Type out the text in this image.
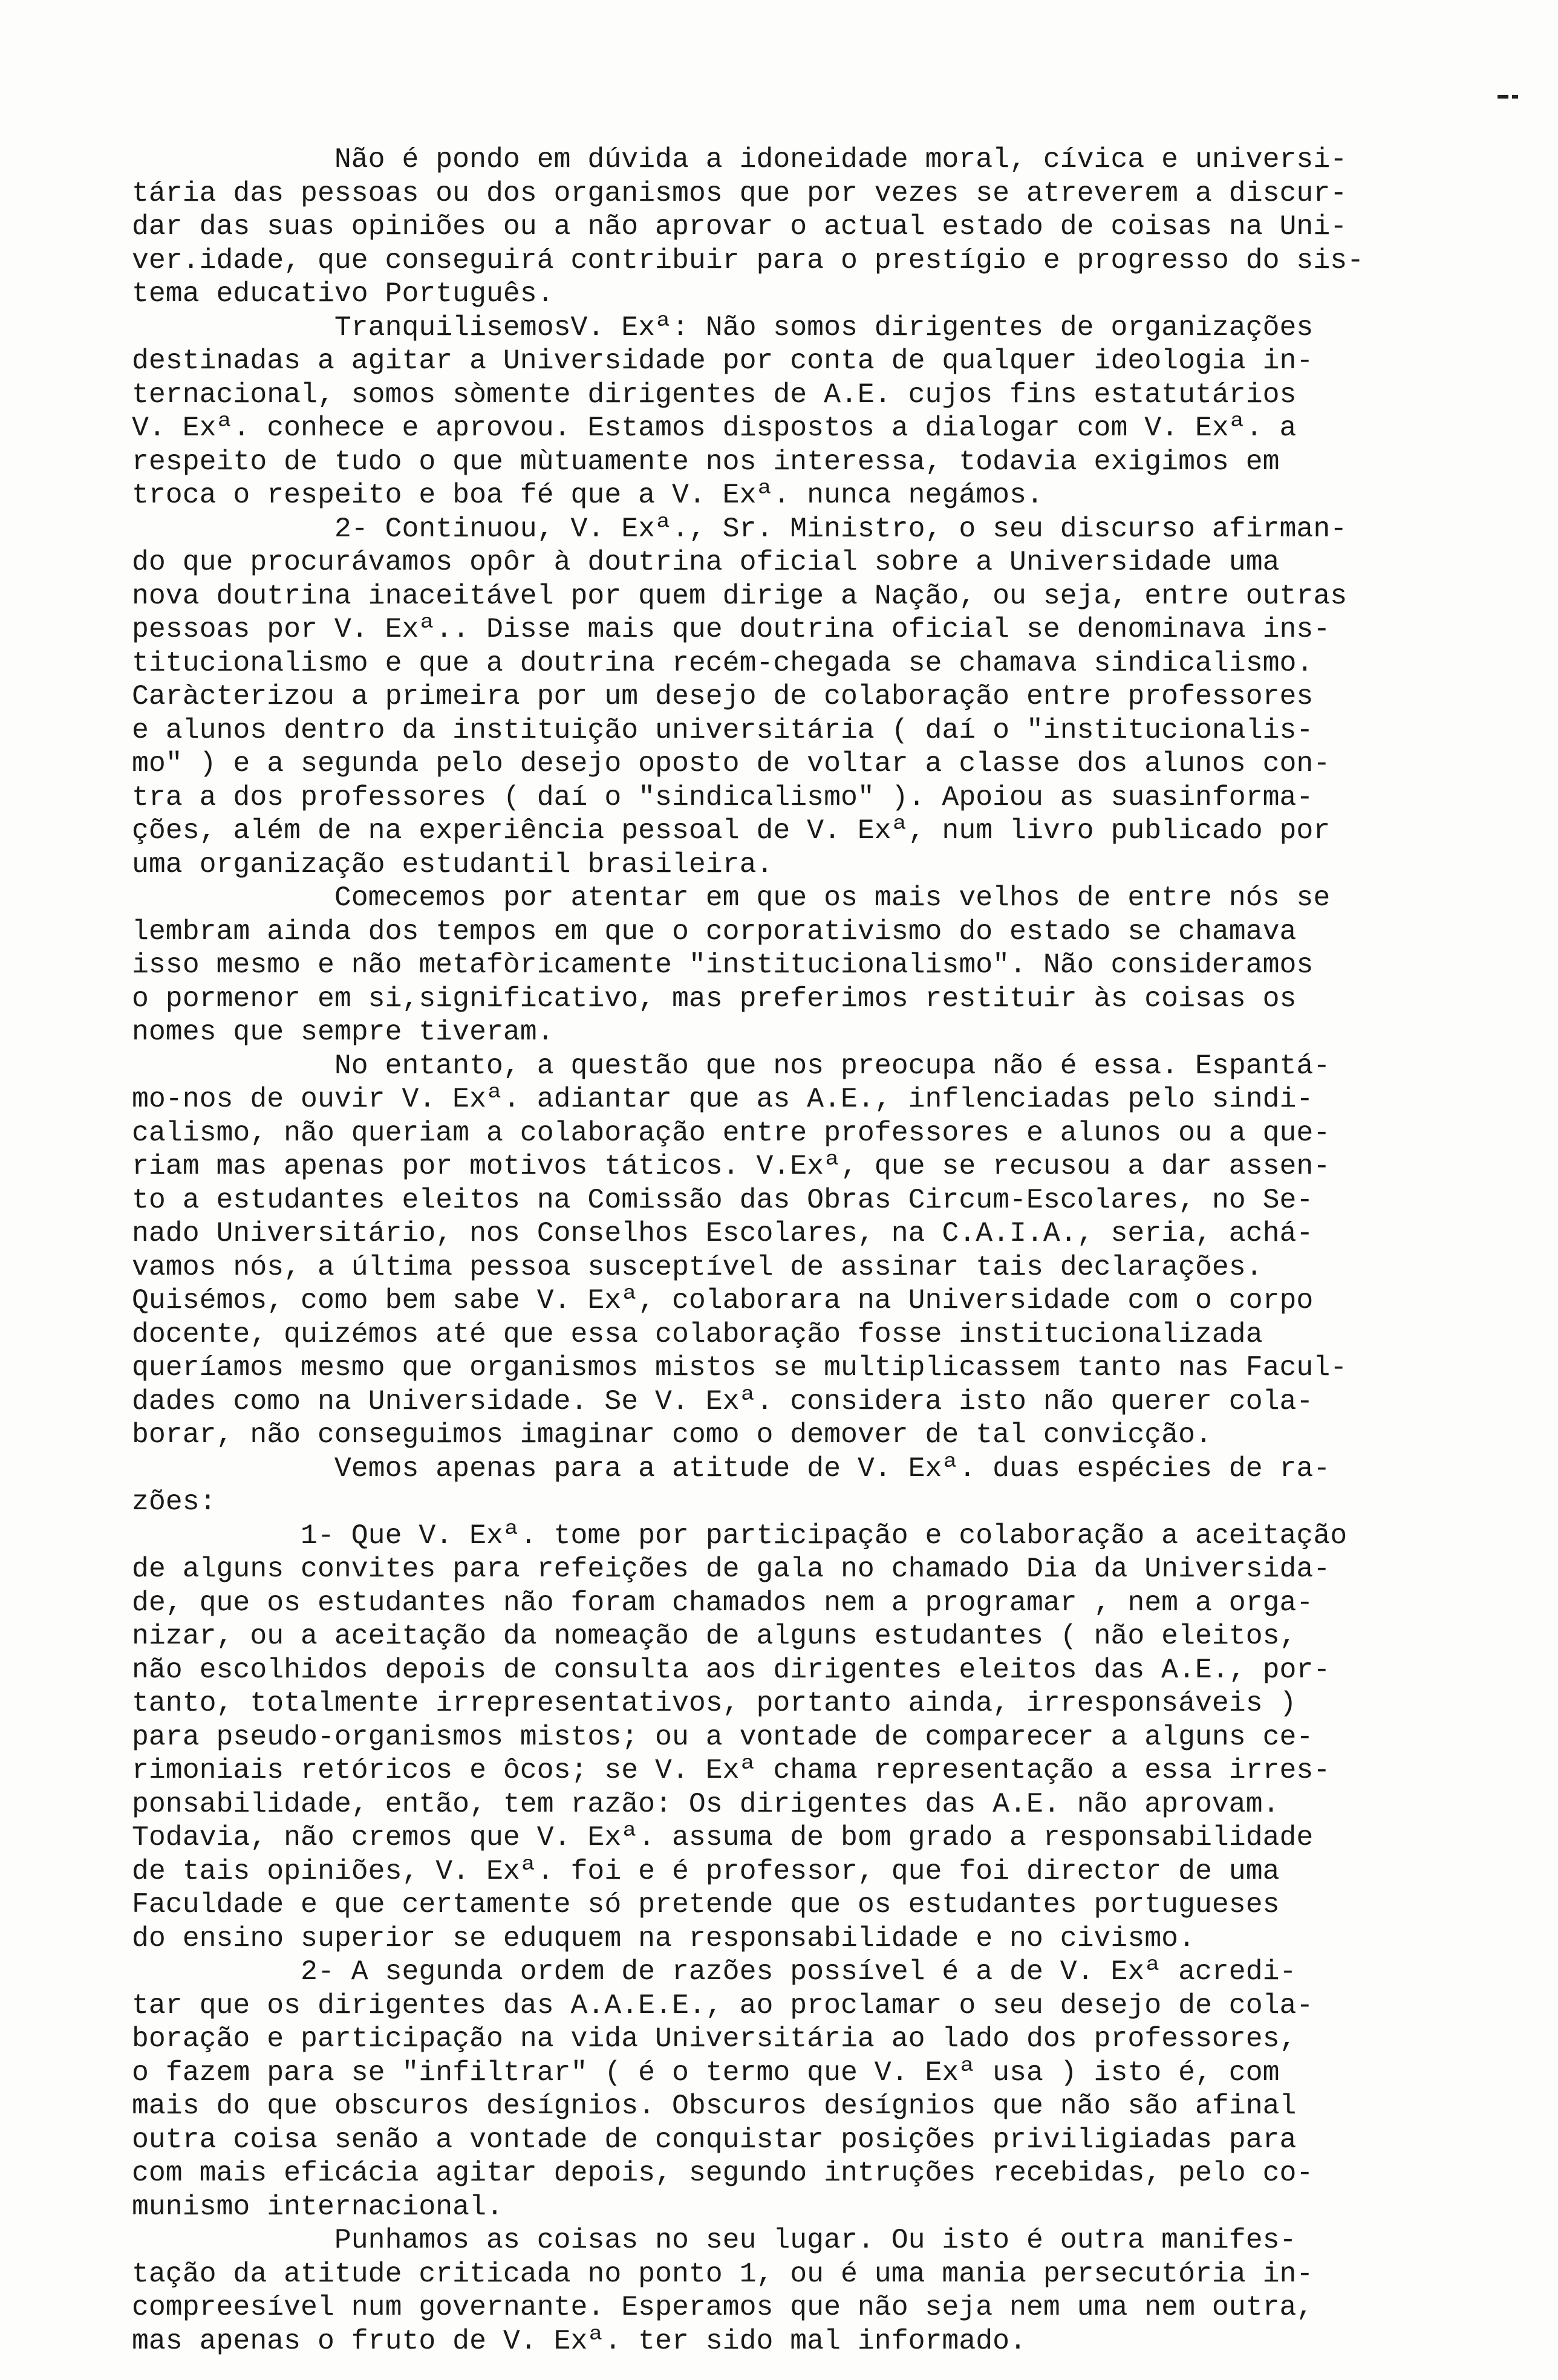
Não é pondo em dúvida a idoneidade moral, cívica e universi-
tária das pessoas ou dos organismos que por vezes se atreverem a discur-
dar das suas opiniões ou a não aprovar o actual estado de coisas na Uni-
ver.idade, que conseguirá contribuir para o prestígio e progresso do sis-
tema educativo Português.
TranquilisemosV. Exª: Não somos dirigentes de organizações
destinadas a agitar a Universidade por conta de qualquer ideologia in-
ternacional, somos sòmente dirigentes de A.E. cujos fins estatutários
V. Exª. conhece e aprovou. Estamos dispostos a dialogar com V. Exª. a
respeito de tudo o que mùtuamente nos interessa, todavia exigimos em
troca o respeito e boa fé que a V. Exª. nunca negámos.
2- Continuou, V. Exª., Sr. Ministro, o seu discurso afirman-
do que procurávamos opôr à doutrina oficial sobre a Universidade uma
nova doutrina inaceitável por quem dirige a Nação, ou seja, entre outras
pessoas por V. Exª.. Disse mais que doutrina oficial se denominava ins-
titucionalismo e que a doutrina recém-chegada se chamava sindicalismo.
Caràcterizou a primeira por um desejo de colaboração entre professores
e alunos dentro da instituição universitária ( daí o "institucionalis-
mo" ) e a segunda pelo desejo oposto de voltar a classe dos alunos con-
tra a dos professores ( daí o "sindicalismo" ). Apoiou as suasinforma-
ções, além de na experiência pessoal de V. Exª, num livro publicado por
uma organização estudantil brasileira.
Comecemos por atentar em que os mais velhos de entre nós se
lembram ainda dos tempos em que o corporativismo do estado se chamava
isso mesmo e não metafòricamente "institucionalismo". Não consideramos
o pormenor em si,significativo, mas preferimos restituir às coisas os
nomes que sempre tiveram.
No entanto, a questão que nos preocupa não é essa. Espantá-
mo-nos de ouvir V. Exª. adiantar que as A.E., inflenciadas pelo sindi-
calismo, não queriam a colaboração entre professores e alunos ou a que-
riam mas apenas por motivos táticos. V.Exª, que se recusou a dar assen-
to a estudantes eleitos na Comissão das Obras Circum-Escolares, no Se-
nado Universitário, nos Conselhos Escolares, na C.A.I.A., seria, achá-
vamos nós, a última pessoa susceptível de assinar tais declarações.
Quisémos, como bem sabe V. Exª, colaborara na Universidade com o corpo
docente, quizémos até que essa colaboração fosse institucionalizada
queríamos mesmo que organismos mistos se multiplicassem tanto nas Facul-
dades como na Universidade. Se V. Exª. considera isto não querer cola-
borar, não conseguimos imaginar como o demover de tal convicção.
Vemos apenas para a atitude de V. Exª. duas espécies de ra-
zões:
1- Que V. Exª. tome por participação e colaboração a aceitação
de alguns convites para refeições de gala no chamado Dia da Universida-
de, que os estudantes não foram chamados nem a programar , nem a orga-
nizar, ou a aceitação da nomeação de alguns estudantes ( não eleitos,
não escolhidos depois de consulta aos dirigentes eleitos das A.E., por-
tanto, totalmente irrepresentativos, portanto ainda, irresponsáveis )
para pseudo-organismos mistos; ou a vontade de comparecer a alguns ce-
rimoniais retóricos e ôcos; se V. Exª chama representação a essa irres-
ponsabilidade, então, tem razão: Os dirigentes das A.E. não aprovam.
Todavia, não cremos que V. Exª. assuma de bom grado a responsabilidade
de tais opiniões, V. Exª. foi e é professor, que foi director de uma
Faculdade e que certamente só pretende que os estudantes portugueses
do ensino superior se eduquem na responsabilidade e no civismo.
2- A segunda ordem de razões possível é a de V. Exª acredi-
tar que os dirigentes das A.A.E.E., ao proclamar o seu desejo de cola-
boração e participação na vida Universitária ao lado dos professores,
o fazem para se "infiltrar" ( é o termo que V. Exª usa ) isto é, com
mais do que obscuros desígnios. Obscuros desígnios que não são afinal
outra coisa senão a vontade de conquistar posições priviligiadas para
com mais eficácia agitar depois, segundo intruções recebidas, pelo co-
munismo internacional.
Punhamos as coisas no seu lugar. Ou isto é outra manifes-
tação da atitude criticada no ponto 1, ou é uma mania persecutória in-
compreesível num governante. Esperamos que não seja nem uma nem outra,
mas apenas o fruto de V. Exª. ter sido mal informado.
